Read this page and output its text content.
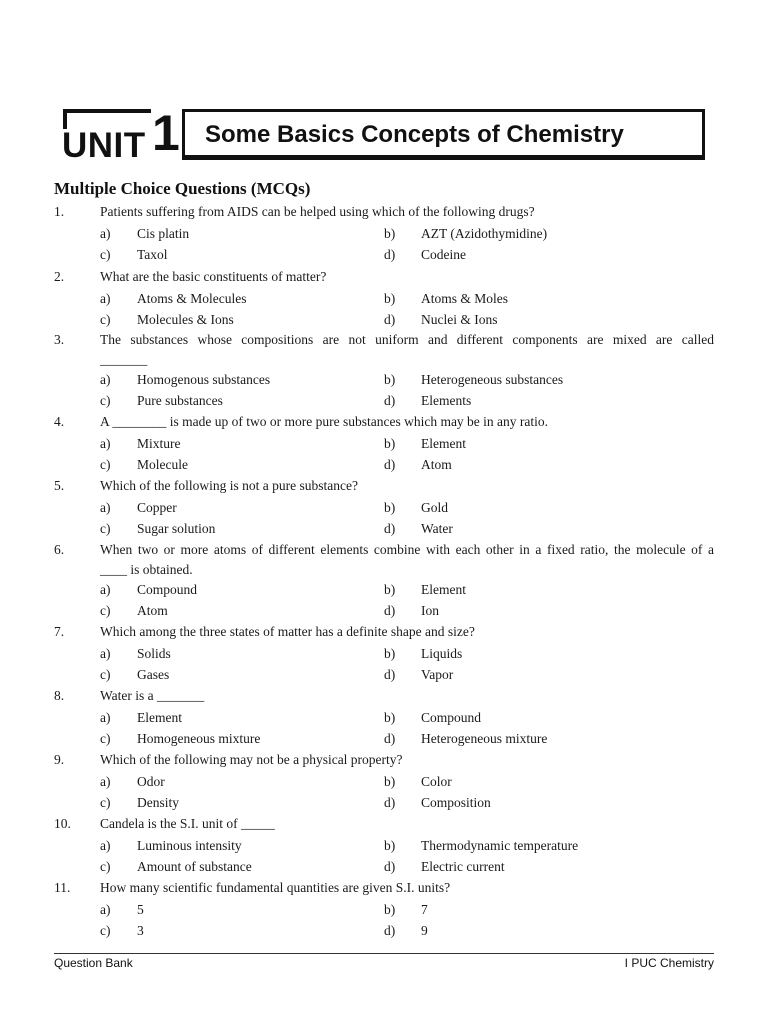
UNIT 1 Some Basics Concepts of Chemistry
Multiple Choice Questions (MCQs)
1.	Patients suffering from AIDS can be helped using which of the following drugs?
a) Cis platin	b) AZT (Azidothymidine)
c) Taxol	d) Codeine
2.	What are the basic constituents of matter?
a) Atoms & Molecules	b) Atoms & Moles
c) Molecules & Ions	d) Nuclei & Ions
3.	The substances whose compositions are not uniform and different components are mixed are called
_______
a) Homogenous substances	b) Heterogeneous substances
c) Pure substances	d) Elements
4.	A ________ is made up of two or more pure substances which may be in any ratio.
a) Mixture	b) Element
c) Molecule	d) Atom
5.	Which of the following is not a pure substance?
a) Copper	b) Gold
c) Sugar solution	d) Water
6.	When two or more atoms of different elements combine with each other in a fixed ratio, the molecule of a
____ is obtained.
a) Compound	b) Element
c) Atom	d) Ion
7.	Which among the three states of matter has a definite shape and size?
a) Solids	b) Liquids
c) Gases	d) Vapor
8.	Water is a _______
a) Element	b) Compound
c) Homogeneous mixture	d) Heterogeneous mixture
9.	Which of the following may not be a physical property?
a) Odor	b) Color
c) Density	d) Composition
10. Candela is the S.I. unit of _____
a) Luminous intensity	b) Thermodynamic temperature
c) Amount of substance	d) Electric current
11. How many scientific fundamental quantities are given S.I. units?
a) 5	b) 7
c) 3	d) 9
Question Bank	I PUC Chemistry
